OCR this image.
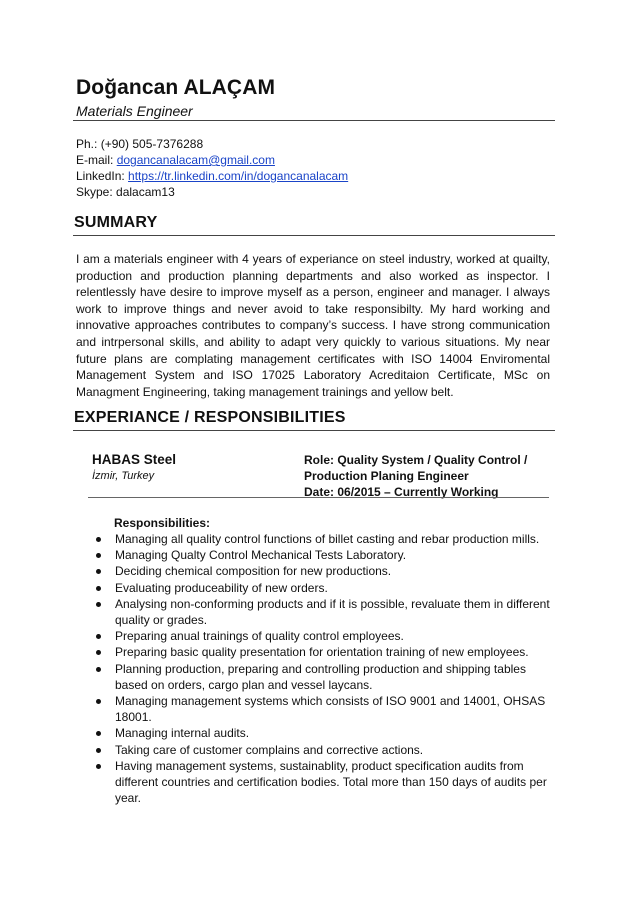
Doğancan ALAÇAM
Materials Engineer
Ph.: (+90) 505-7376288
E-mail: dogancanalacam@gmail.com
LinkedIn: https://tr.linkedin.com/in/dogancanalacam
Skype: dalacam13
SUMMARY

I am a materials engineer with 4 years of experiance on steel industry, worked at quailty, production and production planning departments and also worked as inspector. I relentlessly have desire to improve myself as a person, engineer and manager. I always work to improve things and never avoid to take responsibilty. My hard working and innovative approaches contributes to company’s success. I have strong communication and intrpersonal skills, and ability to adapt very quickly to various situations. My near future plans are complating management certificates with ISO 14004 Enviromental Management System and ISO 17025 Laboratory Acreditaion Certificate, MSc on Managment Engineering, taking management trainings and yellow belt.

EXPERIANCE / RESPONSIBILITIES
HABAS Steel
İzmir, Turkey
Role: Quality System / Quality Control /
Production Planing Engineer
Date: 06/2015 – Currently Working
Responsibilities:
Managing all quality control functions of billet casting and rebar production mills.
Managing Qualty Control Mechanical Tests Laboratory.
Deciding chemical composition for new productions.
Evaluating produceability of new orders.
Analysing non-conforming products and if it is possible, revaluate them in different quality or grades.
Preparing anual trainings of quality control employees.
Preparing basic quality presentation for orientation training of new employees.
Planning production, preparing and controlling production and shipping tables based on orders, cargo plan and vessel laycans.
Managing management systems which consists of ISO 9001 and 14001, OHSAS 18001.
Managing internal audits.
Taking care of customer complains and corrective actions.
Having management systems, sustainablity, product specification audits from different countries and certification bodies. Total more than 150 days of audits per year.
